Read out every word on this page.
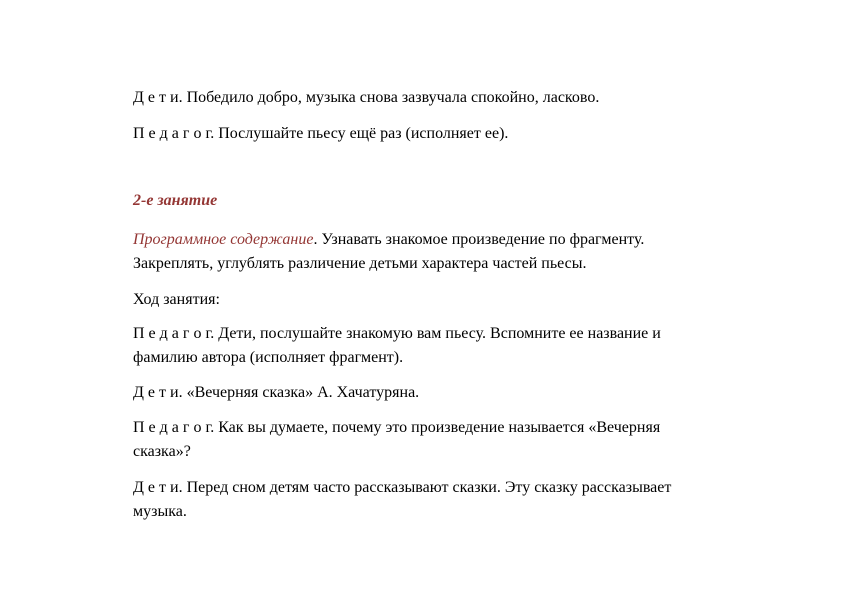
Д е т и. Победило добро, музыка снова зазвучала спокойно, ласково.
П е д а г о г. Послушайте пьесу ещё раз (исполняет ее).
2-е занятие
Программное содержание. Узнавать знакомое произведение по фрагменту.
Закреплять, углублять различение детьми характера частей пьесы.
Ход занятия:
П е д а г о г. Дети, послушайте знакомую вам пьесу. Вспомните ее название и
фамилию автора (исполняет фрагмент).
Д е т и. «Вечерняя сказка» А. Хачатуряна.
П е д а г о г. Как вы думаете, почему это произведение называется «Вечерняя
сказка»?
Д е т и. Перед сном детям часто рассказывают сказки. Эту сказку рассказывает
музыка.
